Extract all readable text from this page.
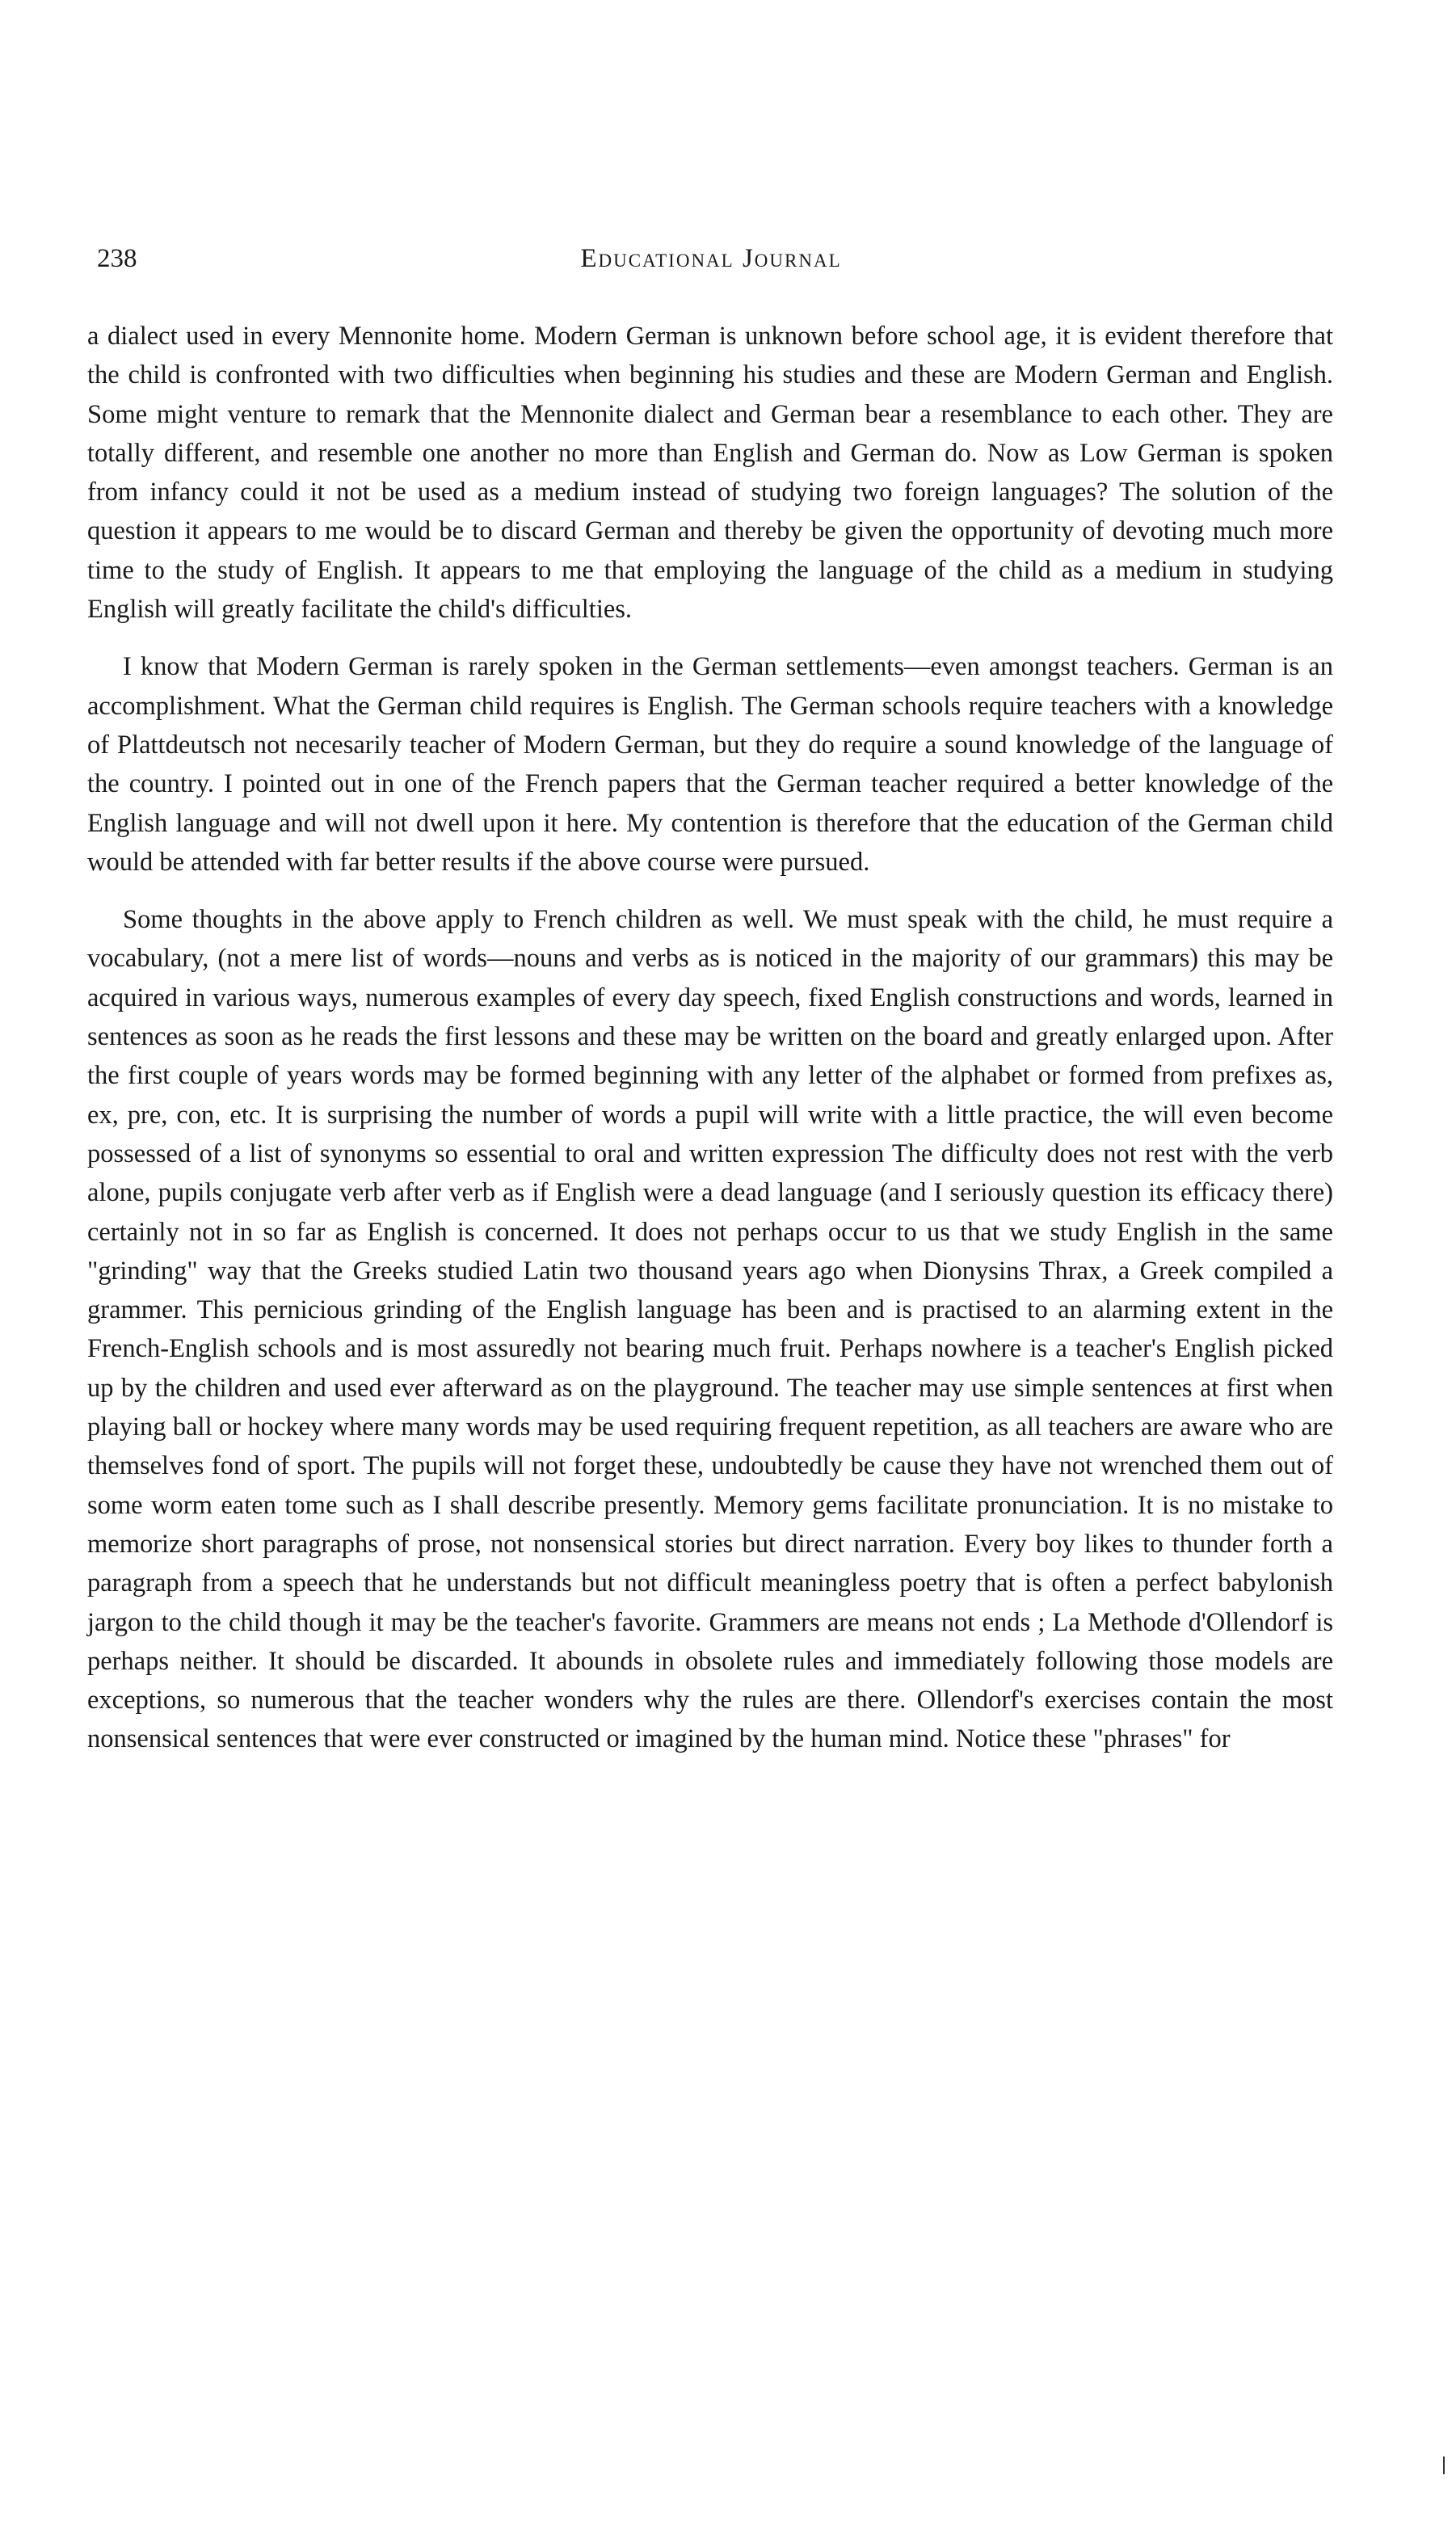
238	Educational Journal

a dialect used in every Mennonite home. Modern German is unknown before school age, it is evident therefore that the child is confronted with two difficulties when beginning his studies and these are Modern German and English. Some might venture to remark that the Mennonite dialect and German bear a resemblance to each other. They are totally different, and resemble one another no more than English and German do. Now as Low German is spoken from infancy could it not be used as a medium instead of studying two foreign languages? The solution of the question it appears to me would be to discard German and thereby be given the opportunity of devoting much more time to the study of English. It appears to me that employing the language of the child as a medium in studying English will greatly facilitate the child's difficulties.

I know that Modern German is rarely spoken in the German settlements—even amongst teachers. German is an accomplishment. What the German child requires is English. The German schools require teachers with a knowledge of Plattdeutsch not necesarily teacher of Modern German, but they do require a sound knowledge of the language of the country. I pointed out in one of the French papers that the German teacher required a better knowledge of the English language and will not dwell upon it here. My contention is therefore that the education of the German child would be attended with far better results if the above course were pursued.

Some thoughts in the above apply to French children as well. We must speak with the child, he must require a vocabulary, (not a mere list of words—nouns and verbs as is noticed in the majority of our grammars) this may be acquired in various ways, numerous examples of every day speech, fixed English constructions and words, learned in sentences as soon as he reads the first lessons and these may be written on the board and greatly enlarged upon. After the first couple of years words may be formed beginning with any letter of the alphabet or formed from prefixes as, ex, pre, con, etc. It is surprising the number of words a pupil will write with a little practice, the will even become possessed of a list of synonyms so essential to oral and written expression The difficulty does not rest with the verb alone, pupils conjugate verb after verb as if English were a dead language (and I seriously question its efficacy there) certainly not in so far as English is concerned. It does not perhaps occur to us that we study English in the same "grinding" way that the Greeks studied Latin two thousand years ago when Dionysins Thrax, a Greek compiled a grammer. This pernicious grinding of the English language has been and is practised to an alarming extent in the French-English schools and is most assuredly not bearing much fruit. Perhaps nowhere is a teacher's English picked up by the children and used ever afterward as on the playground. The teacher may use simple sentences at first when playing ball or hockey where many words may be used requiring frequent repetition, as all teachers are aware who are themselves fond of sport. The pupils will not forget these, undoubtedly be cause they have not wrenched them out of some worm eaten tome such as I shall describe presently. Memory gems facilitate pronunciation. It is no mistake to memorize short paragraphs of prose, not nonsensical stories but direct narration. Every boy likes to thunder forth a paragraph from a speech that he understands but not difficult meaningless poetry that is often a perfect babylonish jargon to the child though it may be the teacher's favorite. Grammers are means not ends ; La Methode d'Ollendorf is perhaps neither. It should be discarded. It abounds in obsolete rules and immediately following those models are exceptions, so numerous that the teacher wonders why the rules are there. Ollendorf's exercises contain the most nonsensical sentences that were ever constructed or imagined by the human mind. Notice these "phrases" for
